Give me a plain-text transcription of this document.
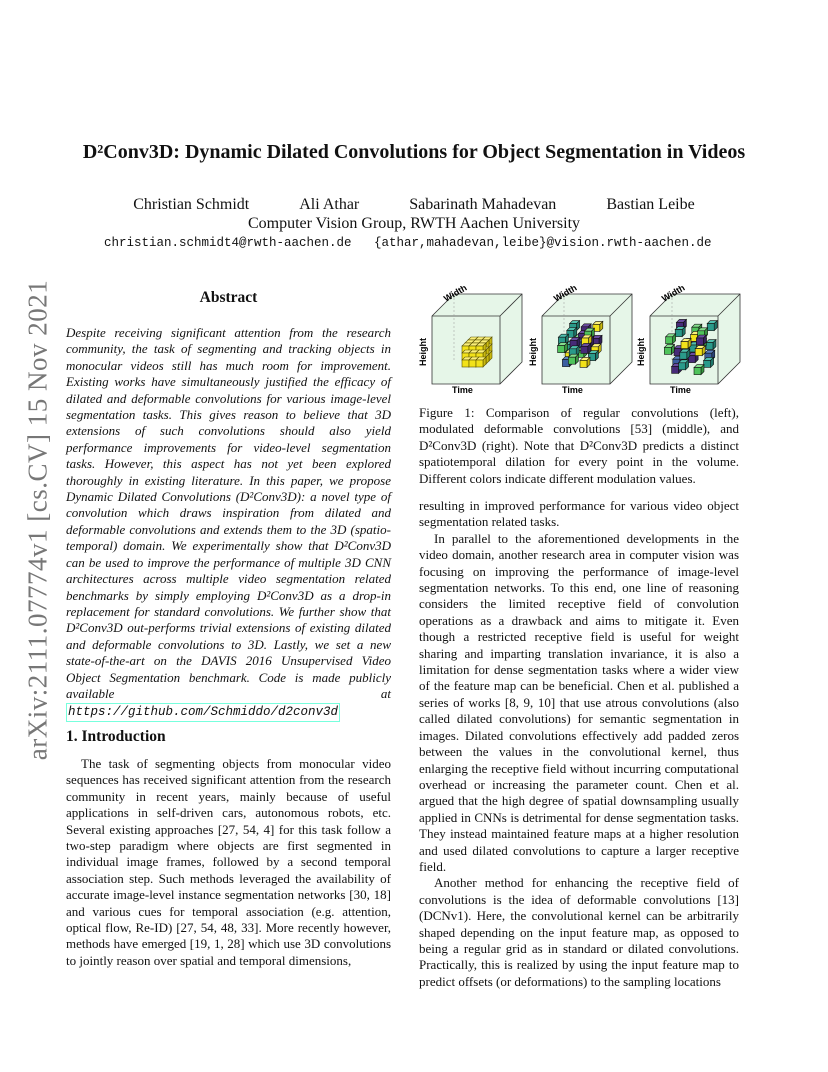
arXiv:2111.07774v1 [cs.CV] 15 Nov 2021
D²Conv3D: Dynamic Dilated Convolutions for Object Segmentation in Videos
Christian Schmidt	Ali Athar	Sabarinath Mahadevan	Bastian Leibe
Computer Vision Group, RWTH Aachen University
christian.schmidt4@rwth-aachen.de {athar,mahadevan,leibe}@vision.rwth-aachen.de
Abstract
Despite receiving significant attention from the research community, the task of segmenting and tracking objects in monocular videos still has much room for improvement. Existing works have simultaneously justified the efficacy of dilated and deformable convolutions for various image-level segmentation tasks. This gives reason to believe that 3D extensions of such convolutions should also yield performance improvements for video-level segmentation tasks. However, this aspect has not yet been explored thoroughly in existing literature. In this paper, we propose Dynamic Dilated Convolutions (D²Conv3D): a novel type of convolution which draws inspiration from dilated and deformable convolutions and extends them to the 3D (spatio-temporal) domain. We experimentally show that D²Conv3D can be used to improve the performance of multiple 3D CNN architectures across multiple video segmentation related benchmarks by simply employing D²Conv3D as a drop-in replacement for standard convolutions. We further show that D²Conv3D out-performs trivial extensions of existing dilated and deformable convolutions to 3D. Lastly, we set a new state-of-the-art on the DAVIS 2016 Unsupervised Video Object Segmentation benchmark. Code is made publicly available at https://github.com/Schmiddo/d2conv3d
1. Introduction
The task of segmenting objects from monocular video sequences has received significant attention from the research community in recent years, mainly because of useful applications in self-driven cars, autonomous robots, etc. Several existing approaches [27, 54, 4] for this task follow a two-step paradigm where objects are first segmented in individual image frames, followed by a second temporal association step. Such methods leveraged the availability of accurate image-level instance segmentation networks [30, 18] and various cues for temporal association (e.g. attention, optical flow, Re-ID) [27, 54, 48, 33]. More recently however, methods have emerged [19, 1, 28] which use 3D convolutions to jointly reason over spatial and temporal dimensions,
Width
Height
Time
Width
Height
Time
Width
Height
Time
Figure 1: Comparison of regular convolutions (left), modulated deformable convolutions [53] (middle), and D²Conv3D (right). Note that D²Conv3D predicts a distinct spatiotemporal dilation for every point in the volume. Different colors indicate different modulation values.

resulting in improved performance for various video object segmentation related tasks.

In parallel to the aforementioned developments in the video domain, another research area in computer vision was focusing on improving the performance of image-level segmentation networks. To this end, one line of reasoning considers the limited receptive field of convolution operations as a drawback and aims to mitigate it. Even though a restricted receptive field is useful for weight sharing and imparting translation invariance, it is also a limitation for dense segmentation tasks where a wider view of the feature map can be beneficial. Chen et al. published a series of works [8, 9, 10] that use atrous convolutions (also called dilated convolutions) for semantic segmentation in images. Dilated convolutions effectively add padded zeros between the values in the convolutional kernel, thus enlarging the receptive field without incurring computational overhead or increasing the parameter count. Chen et al. argued that the high degree of spatial downsampling usually applied in CNNs is detrimental for dense segmentation tasks. They instead maintained feature maps at a higher resolution and used dilated convolutions to capture a larger receptive field.

Another method for enhancing the receptive field of convolutions is the idea of deformable convolutions [13] (DCNv1). Here, the convolutional kernel can be arbitrarily shaped depending on the input feature map, as opposed to being a regular grid as in standard or dilated convolutions. Practically, this is realized by using the input feature map to predict offsets (or deformations) to the sampling locations
